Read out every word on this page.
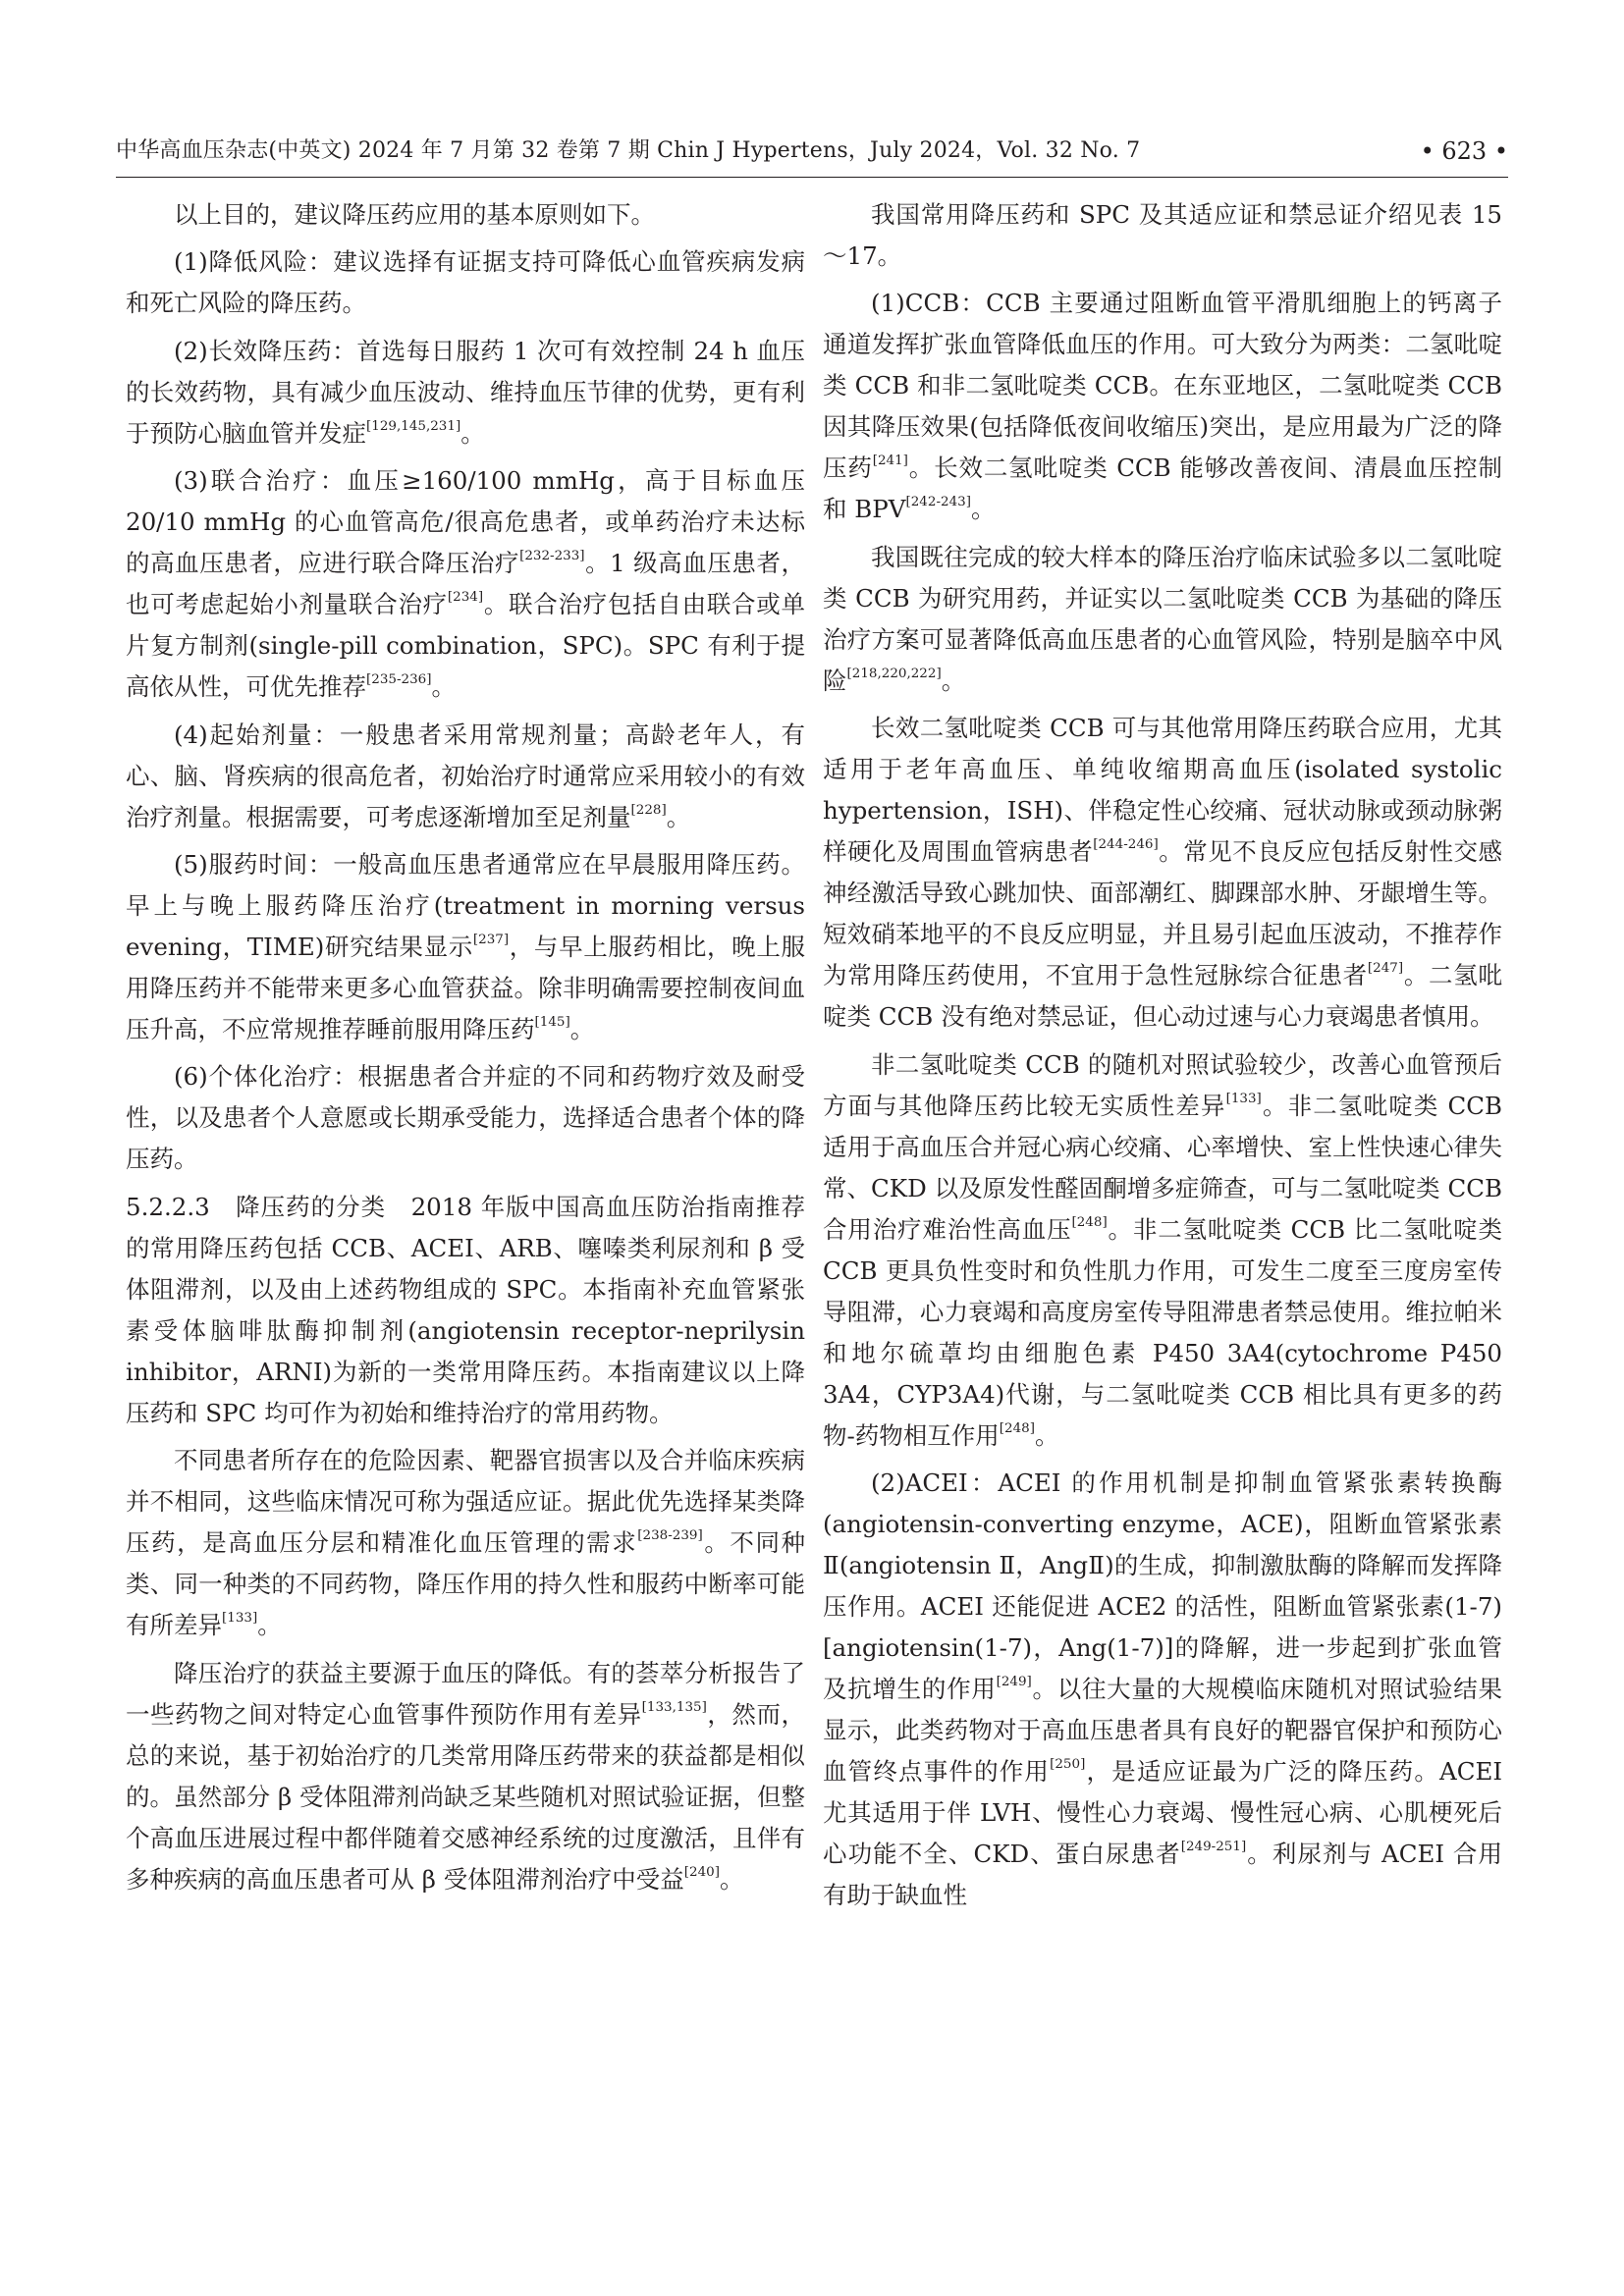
中华高血压杂志(中英文) 2024 年 7 月第 32 卷第 7 期 Chin J Hypertens，July 2024，Vol. 32 No. 7	• 623 •

以上目的，建议降压药应用的基本原则如下。

(1)降低风险：建议选择有证据支持可降低心血管疾病发病和死亡风险的降压药。

(2)长效降压药：首选每日服药 1 次可有效控制 24 h 血压的长效药物，具有减少血压波动、维持血压节律的优势，更有利于预防心脑血管并发症[129,145,231]。

(3)联合治疗：血压≥160/100 mmHg，高于目标血压 20/10 mmHg 的心血管高危/很高危患者，或单药治疗未达标的高血压患者，应进行联合降压治疗[232-233]。1 级高血压患者，也可考虑起始小剂量联合治疗[234]。联合治疗包括自由联合或单片复方制剂(single-pill combination，SPC)。SPC 有利于提高依从性，可优先推荐[235-236]。

(4)起始剂量：一般患者采用常规剂量；高龄老年人，有心、脑、肾疾病的很高危者，初始治疗时通常应采用较小的有效治疗剂量。根据需要，可考虑逐渐增加至足剂量[228]。

(5)服药时间：一般高血压患者通常应在早晨服用降压药。早上与晚上服药降压治疗(treatment in morning versus evening，TIME)研究结果显示[237]，与早上服药相比，晚上服用降压药并不能带来更多心血管获益。除非明确需要控制夜间血压升高，不应常规推荐睡前服用降压药[145]。

(6)个体化治疗：根据患者合并症的不同和药物疗效及耐受性，以及患者个人意愿或长期承受能力，选择适合患者个体的降压药。

5.2.2.3　降压药的分类　2018 年版中国高血压防治指南推荐的常用降压药包括 CCB、ACEI、ARB、噻嗪类利尿剂和 β 受体阻滞剂，以及由上述药物组成的 SPC。本指南补充血管紧张素受体脑啡肽酶抑制剂(angiotensin receptor-neprilysin inhibitor，ARNI)为新的一类常用降压药。本指南建议以上降压药和 SPC 均可作为初始和维持治疗的常用药物。

不同患者所存在的危险因素、靶器官损害以及合并临床疾病并不相同，这些临床情况可称为强适应证。据此优先选择某类降压药，是高血压分层和精准化血压管理的需求[238-239]。不同种类、同一种类的不同药物，降压作用的持久性和服药中断率可能有所差异[133]。

降压治疗的获益主要源于血压的降低。有的荟萃分析报告了一些药物之间对特定心血管事件预防作用有差异[133,135]，然而，总的来说，基于初始治疗的几类常用降压药带来的获益都是相似的。虽然部分 β 受体阻滞剂尚缺乏某些随机对照试验证据，但整个高血压进展过程中都伴随着交感神经系统的过度激活，且伴有多种疾病的高血压患者可从 β 受体阻滞剂治疗中受益[240]。

我国常用降压药和 SPC 及其适应证和禁忌证介绍见表 15～17。

(1)CCB：CCB 主要通过阻断血管平滑肌细胞上的钙离子通道发挥扩张血管降低血压的作用。可大致分为两类：二氢吡啶类 CCB 和非二氢吡啶类 CCB。在东亚地区，二氢吡啶类 CCB 因其降压效果(包括降低夜间收缩压)突出，是应用最为广泛的降压药[241]。长效二氢吡啶类 CCB 能够改善夜间、清晨血压控制和 BPV[242-243]。

我国既往完成的较大样本的降压治疗临床试验多以二氢吡啶类 CCB 为研究用药，并证实以二氢吡啶类 CCB 为基础的降压治疗方案可显著降低高血压患者的心血管风险，特别是脑卒中风险[218,220,222]。

长效二氢吡啶类 CCB 可与其他常用降压药联合应用，尤其适用于老年高血压、单纯收缩期高血压(isolated systolic hypertension，ISH)、伴稳定性心绞痛、冠状动脉或颈动脉粥样硬化及周围血管病患者[244-246]。常见不良反应包括反射性交感神经激活导致心跳加快、面部潮红、脚踝部水肿、牙龈增生等。短效硝苯地平的不良反应明显，并且易引起血压波动，不推荐作为常用降压药使用，不宜用于急性冠脉综合征患者[247]。二氢吡啶类 CCB 没有绝对禁忌证，但心动过速与心力衰竭患者慎用。

非二氢吡啶类 CCB 的随机对照试验较少，改善心血管预后方面与其他降压药比较无实质性差异[133]。非二氢吡啶类 CCB 适用于高血压合并冠心病心绞痛、心率增快、室上性快速心律失常、CKD 以及原发性醛固酮增多症筛查，可与二氢吡啶类 CCB 合用治疗难治性高血压[248]。非二氢吡啶类 CCB 比二氢吡啶类 CCB 更具负性变时和负性肌力作用，可发生二度至三度房室传导阻滞，心力衰竭和高度房室传导阻滞患者禁忌使用。维拉帕米和地尔硫䓬均由细胞色素 P450 3A4(cytochrome P450 3A4，CYP3A4)代谢，与二氢吡啶类 CCB 相比具有更多的药物-药物相互作用[248]。

(2)ACEI：ACEI 的作用机制是抑制血管紧张素转换酶(angiotensin-converting enzyme，ACE)，阻断血管紧张素Ⅱ(angiotensin Ⅱ，AngⅡ)的生成，抑制激肽酶的降解而发挥降压作用。ACEI 还能促进 ACE2 的活性，阻断血管紧张素(1-7)[angiotensin(1-7)，Ang(1-7)]的降解，进一步起到扩张血管及抗增生的作用[249]。以往大量的大规模临床随机对照试验结果显示，此类药物对于高血压患者具有良好的靶器官保护和预防心血管终点事件的作用[250]，是适应证最为广泛的降压药。ACEI 尤其适用于伴 LVH、慢性心力衰竭、慢性冠心病、心肌梗死后心功能不全、CKD、蛋白尿患者[249-251]。利尿剂与 ACEI 合用有助于缺血性
